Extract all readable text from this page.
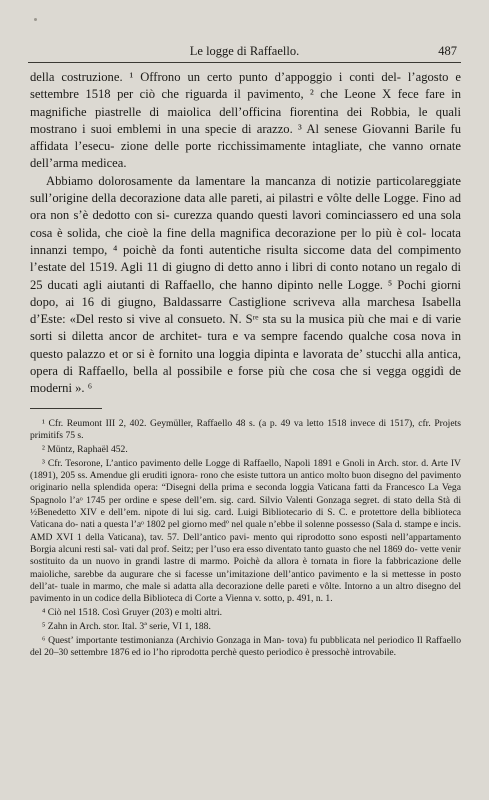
Le logge di Raffaello.	487

della costruzione. ¹ Offrono un certo punto d’appoggio i conti del- l’agosto e settembre 1518 per ciò che riguarda il pavimento, ² che Leone X fece fare in magnifiche piastrelle di maiolica dell’officina fiorentina dei Robbia, le quali mostrano i suoi emblemi in una specie di arazzo. ³ Al senese Giovanni Barile fu affidata l’esecu- zione delle porte ricchissimamente intagliate, che vanno ornate dell’arma medicea.

Abbiamo dolorosamente da lamentare la mancanza di notizie particolareggiate sull’origine della decorazione data alle pareti, ai pilastri e vôlte delle Logge. Fino ad ora non s’è dedotto con si- curezza quando questi lavori cominciassero ed una sola cosa è solida, che cioè la fine della magnifica decorazione per lo più è col- locata innanzi tempo, ⁴ poichè da fonti autentiche risulta siccome data del compimento l’estate del 1519. Agli 11 di giugno di detto anno i libri di conto notano un regalo di 25 ducati agli aiutanti di Raffaello, che hanno dipinto nelle Logge. ⁵ Pochi giorni dopo, ai 16 di giugno, Baldassarre Castiglione scriveva alla marchesa Isabella d’Este: «Del resto si vive al consueto. N. Sʳᵉ sta su la musica più che mai e di varie sorti si diletta ancor de architet- tura e va sempre facendo qualche cosa nova in questo palazzo et or si è fornito una loggia dipinta e lavorata de’ stucchi alla antica, opera di Raffaello, bella al possibile e forse più che cosa che si vegga oggidì de moderni ». ⁶

¹ Cfr. Reumont III 2, 402. Geymüller, Raffaello 48 s. (a p. 49 va letto 1518 invece di 1517), cfr. Projets primitifs 75 s.

² Müntz, Raphaël 452.

³ Cfr. Tesorone, L’antico pavimento delle Logge di Raffaello, Napoli 1891 e Gnoli in Arch. stor. d. Arte IV (1891), 205 ss. Amendue gli eruditi ignora- rono che esiste tuttora un antico molto buon disegno del pavimento originario nella splendida opera: “Disegni della prima e seconda loggia Vaticana fatti da Francesco La Vega Spagnolo l’aᵒ 1745 per ordine e spese dell’em. sig. card. Silvio Valenti Gonzaga segret. di stato della Stà di ½Benedetto XIV e dell’em. nipote di lui sig. card. Luigi Bibliotecario di S. C. e protettore della biblioteca Vaticana do- nati a questa l’aᵒ 1802 pel giorno medº nel quale n’ebbe il solenne possesso (Sala d. stampe e incis. AMD XVI 1 della Vaticana), tav. 57. Dell’antico pavi- mento qui riprodotto sono esposti nell’appartamento Borgia alcuni resti sal- vati dal prof. Seitz; per l’uso era esso diventato tanto guasto che nel 1869 do- vette venir sostituito da un nuovo in grandi lastre di marmo. Poichè da allora è tornata in fiore la fabbricazione delle maioliche, sarebbe da augurare che si facesse un’imitazione dell’antico pavimento e la si mettesse in posto dell’at- tuale in marmo, che male si adatta alla decorazione delle pareti e vôlte. Intorno a un altro disegno del pavimento in un codice della Biblioteca di Corte a Vienna v. sotto, p. 491, n. 1.

⁴ Ciò nel 1518. Così Gruyer (203) e molti altri.

⁵ Zahn in Arch. stor. Ital. 3ª serie, VI 1, 188.

⁶ Quest’ importante testimonianza (Archivio Gonzaga in Man- tova) fu pubblicata nel periodico Il Raffaello del 20–30 settembre 1876 ed io l’ho riprodotta perchè questo periodico è pressochè introvabile.
